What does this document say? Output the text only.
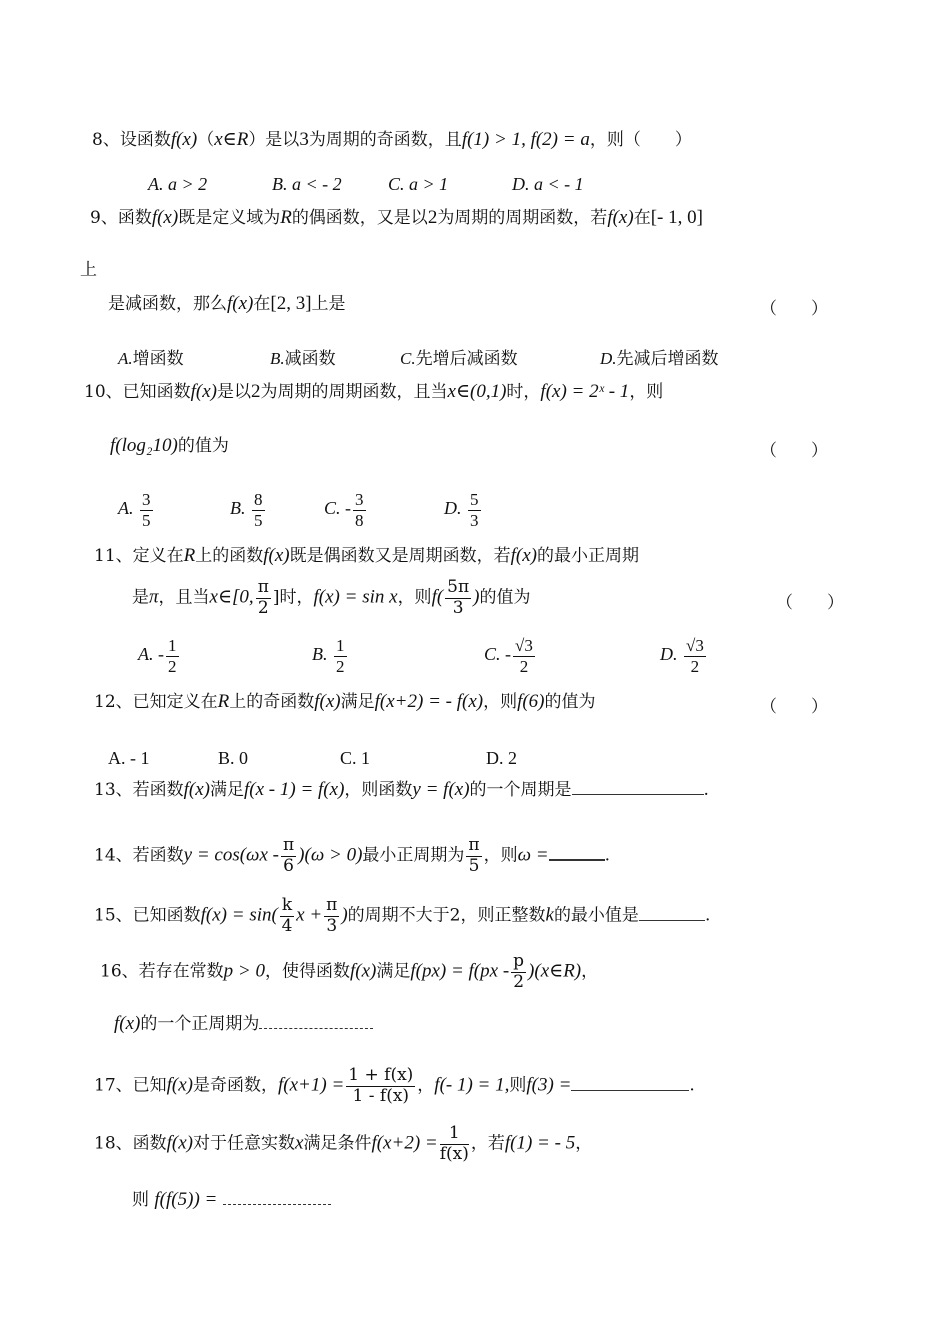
8、设函数f(x)（x∈R）是以3为周期的奇函数，且f(1) > 1, f(2) = a，则（　　）
A. a > 2	B. a < - 2	C. a > 1	D. a < - 1
9、函数f(x)既是定义域为R的偶函数，又是以2为周期的周期函数，若f(x)在[- 1, 0]
上
是减函数，那么f(x)在[2, 3]上是	（　　）
A.增函数	B.减函数	C.先增后减函数	D.先减后增函数
10、已知函数f(x)是以2为周期的周期函数，且当x∈(0,1)时，f(x) = 2ˣ - 1，则
f(log₂10)的值为	（　　）
A. $\frac{3}{5}$	B. $\frac{8}{5}$	C. - $\frac{3}{8}$	D. $\frac{5}{3}$
11、定义在R上的函数f(x)既是偶函数又是周期函数，若f(x)的最小正周期
是π，且当x∈[0, $\frac{\pi}{2}$ ]时，f(x) = sin x，则$f( \frac{5\pi}{3}$ )的值为	（　　）
A. - $\frac{1}{2}$	B. $\frac{1}{2}$	C. - $\frac{√3}{2}$	D. $\frac{√3}{2}$
12、已知定义在R上的奇函数f(x)满足f(x+2) = - f(x)，则f(6)的值为	（　　）
A. - 1	B. 0	C. 1	D. 2
13、若函数f(x)满足f(x - 1) = f(x)，则函数y = f(x)的一个周期是	.
14、若函数$y = \cos(\omega x - \frac{\pi}{6} )(\omega > 0)$最小正周期为 $\frac{\pi}{5}$ ，则ω =	.
15、已知函数$f(x) = \sin( \frac{k}{4}$ $x + \frac{\pi}{3}$ )的周期不大于2，则正整数k的最小值是	.
16、若存在常数p > 0，使得函数f(x)满足$f(px) = f(px - \frac{p}{2}$ )(x∈R)，
f(x)的一个正周期为
17、已知f(x)是奇函数，$f(x+1) = \frac{1 + f(x)}{1 - f(x)}$ ，f(- 1) = 1,则f(3) =	.
18、函数f(x)对于任意实数x满足条件$f(x+2) = \frac{1}{f(x)}$ ，若f(1) = - 5，
则 f(f(5)) =
